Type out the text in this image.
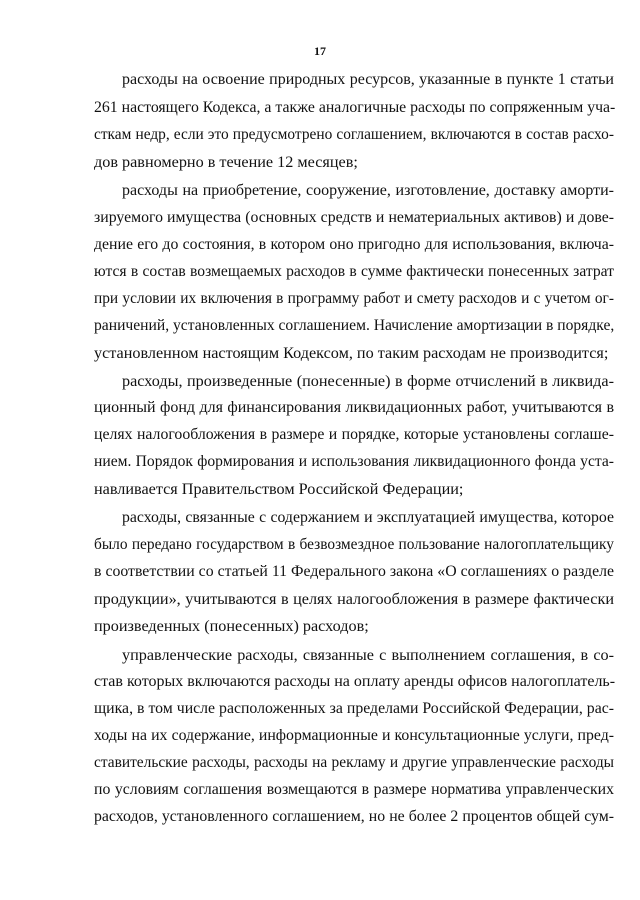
17
расходы на освоение природных ресурсов, указанные в пункте 1 статьи
261 настоящего Кодекса, а также аналогичные расходы по сопряженным уча-
сткам недр, если это предусмотрено соглашением, включаются в состав расхо-
дов равномерно в течение 12 месяцев;
расходы на приобретение, сооружение, изготовление, доставку аморти-
зируемого имущества (основных средств и нематериальных активов) и дове-
дение его до состояния, в котором оно пригодно для использования, включа-
ются в состав возмещаемых расходов в сумме фактически понесенных затрат
при условии их включения в программу работ и смету расходов и с учетом ог-
раничений, установленных соглашением. Начисление амортизации в порядке,
установленном настоящим Кодексом, по таким расходам не производится;
расходы, произведенные (понесенные) в форме отчислений в ликвида-
ционный фонд для финансирования ликвидационных работ, учитываются в
целях налогообложения в размере и порядке, которые установлены соглаше-
нием. Порядок формирования и использования ликвидационного фонда уста-
навливается Правительством Российской Федерации;
расходы, связанные с содержанием и эксплуатацией имущества, которое
было передано государством в безвозмездное пользование налогоплательщику
в соответствии со статьей 11 Федерального закона «О соглашениях о разделе
продукции», учитываются в целях налогообложения в размере фактически
произведенных (понесенных) расходов;
управленческие расходы, связанные с выполнением соглашения, в со-
став которых включаются расходы на оплату аренды офисов налогоплатель-
щика, в том числе расположенных за пределами Российской Федерации, рас-
ходы на их содержание, информационные и консультационные услуги, пред-
ставительские расходы, расходы на рекламу и другие управленческие расходы
по условиям соглашения возмещаются в размере норматива управленческих
расходов, установленного соглашением, но не более 2 процентов общей сум-
